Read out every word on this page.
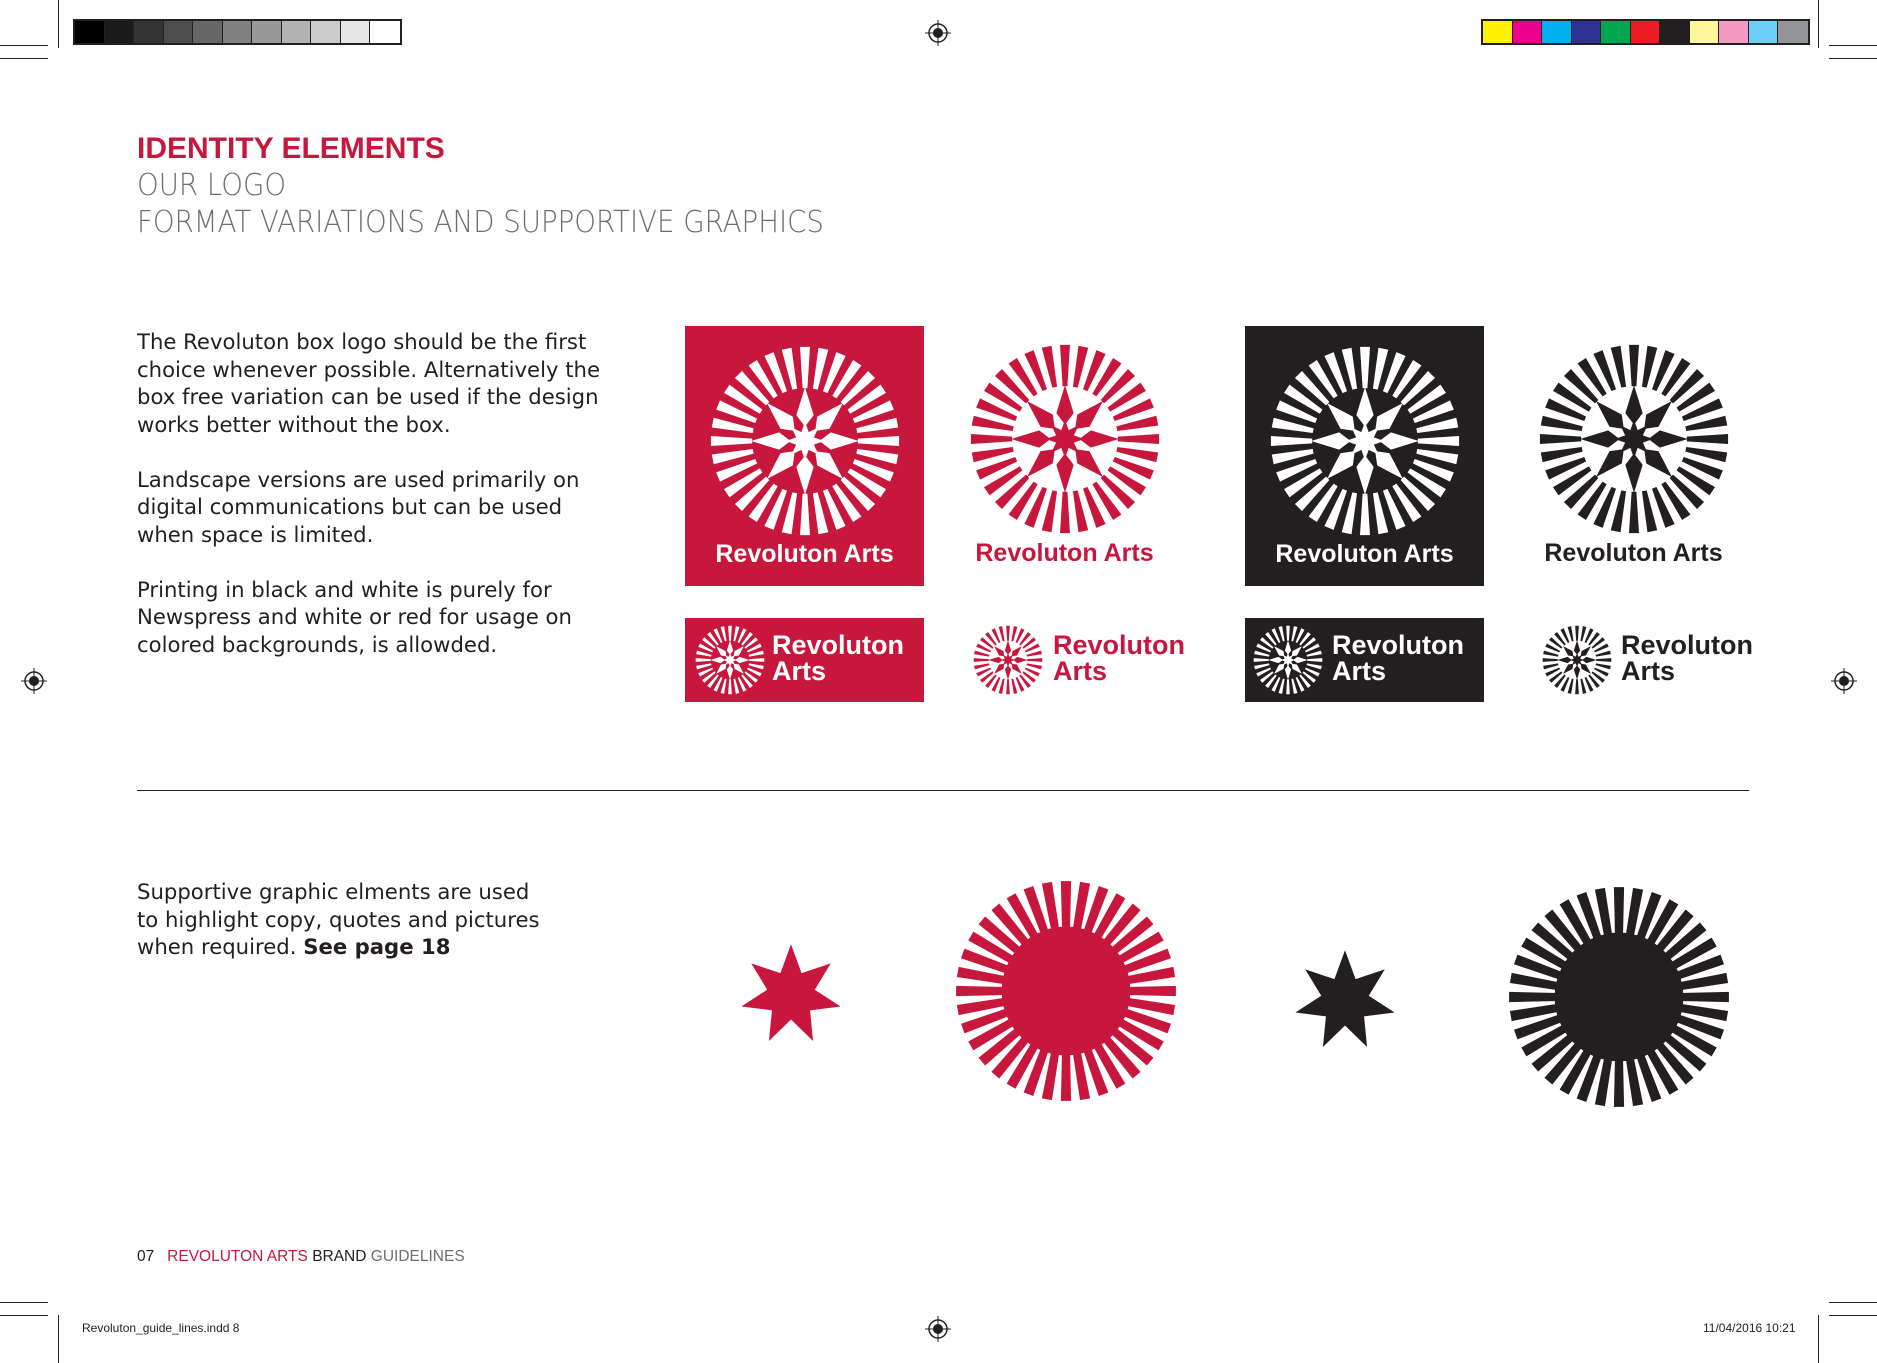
IDENTITY ELEMENTS
OUR LOGO
FORMAT VARIATIONS AND SUPPORTIVE GRAPHICS

The Revoluton box logo should be the first choice whenever possible. Alternatively the box free variation can be used if the design works better without the box.

Landscape versions are used primarily on digital communications but can be used when space is limited.

Printing in black and white is purely for Newspress and white or red for usage on colored backgrounds, is allowded.

Revoluton Arts	Revoluton Arts	Revoluton Arts	Revoluton Arts
Revoluton
Arts
Revoluton
Arts
Revoluton
Arts
Revoluton
Arts

Supportive graphic elments are used to highlight copy, quotes and pictures when required. See page 18

07 REVOLUTON ARTS BRAND GUIDELINES
Revoluton_guide_lines.indd 8	11/04/2016 10:21
